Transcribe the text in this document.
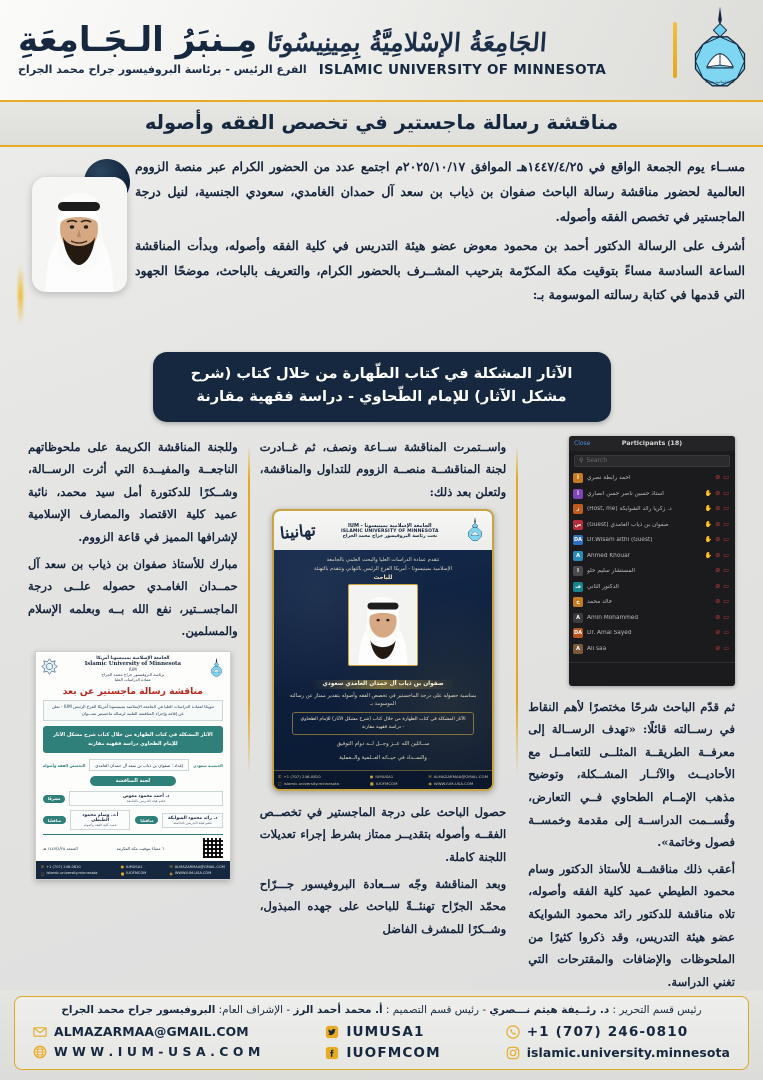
جامعة إسلامية معتمدة
الجَامِعَةُ الإسْلامِيَّةُ بِمِينِيسُوتَا
مِـنبَرُ الـجَـامِعَةِ
ISLAMIC UNIVERSITY OF MINNESOTA
الفرع الرئيس - برئاسة البروفيسور جراح محمد الجراح
مناقشة رسالة ماجستير في تخصص الفقه وأصوله

مســاء يوم الجمعة الواقع في ١٤٤٧/٤/٢٥هـ الموافق ٢٠٢٥/١٠/١٧م اجتمع عدد من الحضور الكرام عبر منصة الزووم العالمية لحضور مناقشة رسالة الباحث صفوان بن ذياب بن سعد آل حمدان الغامدي، سعودي الجنسية، لنيل درجة الماجستير في تخصص الفقه وأصوله.

أشرف على الرسالة الدكتور أحمد بن محمود معوض عضو هيئة التدريس في كلية الفقه وأصوله، وبدأت المناقشة الساعة السادسة مساءً بتوقيت مكة المكرّمة بترحيب المشــرف بالحضور الكرام، والتعريف بالباحث، موضحًا الجهود التي قدمها في كتابة رسالته الموسومة بـ:

الآثار المشكلة في كتاب الطّهارة من خلال كتاب (شرح مشكل الآثار) للإمام الطّحاوي - دراسة فقهية مقارنة
Close	Participants (18)
⚲ Search
أ	أحمد رابطة نصري	⊘ ▭
أ	أستاذ حسين ناصر حسن أنصاري	✋ ⊘ ▭
ز	د. زكريا رائد الشوايكة (Host, me)	✋ ⊘ ▭
ص صفوان بن ذياب الغامدي (Guest)	✋ ⊘ ▭
DA Dr.Wisam althi (Guest)	✋ ⊘ ▭
A	Ahmed Khouar	✋ ⊘ ▭
ا	المستشار سليم حلو	⊘ ▭
ف	الدكتور الثاني	⊘ ▭
خ	خالد محمد	⊘ ▭
A	Amin Mohammed	⊘ ▭
DA Dr. Amal Sayed	⊘ ▭
A	Ali saa	⊘ ▭

ثم قدّم الباحث شرحًا مختصرًا لأهم النقاط في رســالته قائلًا: «تهدف الرســالة إلى معرفــة الطريقــة المثلــى للتعامــل مع الأحاديــث والآثــار المشــكلة، وتوضيح مذهب الإمــام الطحاوي فــي التعارض، وقُســمت الدراســة إلى مقدمة وخمســة فصول وخاتمة».

أعقب ذلك مناقشــة للأستاذ الدكتور وسام محمود الطيطي عميد كلية الفقه وأصوله، تلاه مناقشة للدكتور رائد محمود الشوايكة عضو هيئة التدريس، وقد ذكروا كثيرًا من الملحوظات والإضافات والمقترحات التي تغني الدراسة.

واســتمرت المناقشة ســاعة ونصف، ثم غــادرت لجنة المناقشــة منصــة الزووم للتداول والمناقشة، ولتعلن بعد ذلك:

الجامعة الإسلامية بمينيسوتا - IUM
ISLAMIC UNIVERSITY OF MINNESOTA
تحت رئاسة البروفيسور جراح محمد الجراح
تهانينا
تتقدم عمادة الدراسات العليا والبحث العلمي بالجامعة
الإسلامية بمينيسوتا - أمريكا الفرع الرئيس بالتهاني وتتقدم بالتهنئة
للباحث
صفوان بن ذياب آل حمدان الغامدي سعودي
بمناسبة حصوله على درجة الماجستير في تخصص الفقه وأصوله بتقدير ممتاز عن رسالته الموسومة بـ
الآثار المشكلة في كتاب الطهارة من خلال كتاب (شرح مشكل الآثار) للإمام الطحاوي - دراسة فقهية مقارنة
ســائلين الله عــز وجــل لــه دوام التوفيق
والســداد في حيــاته العــلمية والــعملية
✆ +1 (707) 246-0810
▢ islamic.university.minnesota
● IUMUSA1
■ IUOFMCOM
✉ ALMAZARMAA@GMAIL.COM
◉ WWW.IUM-USA.COM

حصول الباحث على درجة الماجستير في تخصــص الفقــه وأصوله بتقديــر ممتاز بشرط إجراء تعديلات اللجنة كاملة.

وبعد المناقشة وجّه ســعادة البروفيسور جـــرّاح محمّد الجرّاح تهنئــةً للباحث على جهده المبذول، وشــكرًا للمشرف الفاضل

وللجنة المناقشة الكريمة على ملحوظاتهم الناجعــة والمفيــدة التي أثرت الرســالة، وشــكرًا للدكتورة أمل سيد محمد، نائبة عميد كلية الاقتصاد والمصارف الإسلامية لإشرافها المميز في قاعة الزووم.

مبارك للأستاذ صفوان بن ذياب بن سعد آل حمــدان الغامـدي حصوله علــى درجة الماجســتير، نفع الله بــه وبعلمه الإسلام والمسلمين.

الجامعة الإسلامية بمينيسوتا أمريكا
Islamic University of Minnesota
IUM
برئاسة البروفيسور جراح محمد الجراح
عمادة الدراسات العليا
مناقشة رسالة ماجستير عن بعد
تتويجًا لعمادة الدراسات العليا في الجامعة الإسلامية بمينيسوتا أمريكا الفرع الرئيس IUM - تعلن عن إقامة وإجراء المناقشة العلنية لرسالة ماجستير بعنـــوان
الآثار المشكلة في كتاب الطهارة من خلال كتاب شرح مشكل الآثار للإمام الطحاوي دراسة فقهية مقارنة
الجنسية سعودي
إعداد : صفوان بن ذياب بن سعد آل حمدان الغامدي
التخصص الفقه وأصوله
لجنة المناقشة
د. أحمد محمود معوض
عضو هيئة التدريس بالجامعة
مشرفًا
د. رائد محمود الشوايكة
عضو هيئة التدريس بالجامعة
مناقشًا
أ.د. وسام محمود الطيطي
عميد كلية الفقه وأصوله
مناقشًا
٦ مساءً بتوقيت مكة المكرمة
الجمعة ١٤٤٧/٤/٢٥ هـ
✆ +1 (707) 246-0810
▢ islamic.university.minnesota
● IUMUSA1
■ IUOFMCOM
✉ ALMAZARMAA@GMAIL.COM
◉ WWW.IUM-USA.COM
رئيس قسم التحرير : د. رئــيفة هيثم نـــصري - رئيس قسم التصميم : أ. محمد أحمد الرز - الإشراف العام: البروفيسور جراح محمد الجراح
+1 (707) 246-0810
islamic.university.minnesota
IUMUSA1
IUOFMCOM
ALMAZARMAA@GMAIL.COM
W W W . I U M - U S A . C O M
